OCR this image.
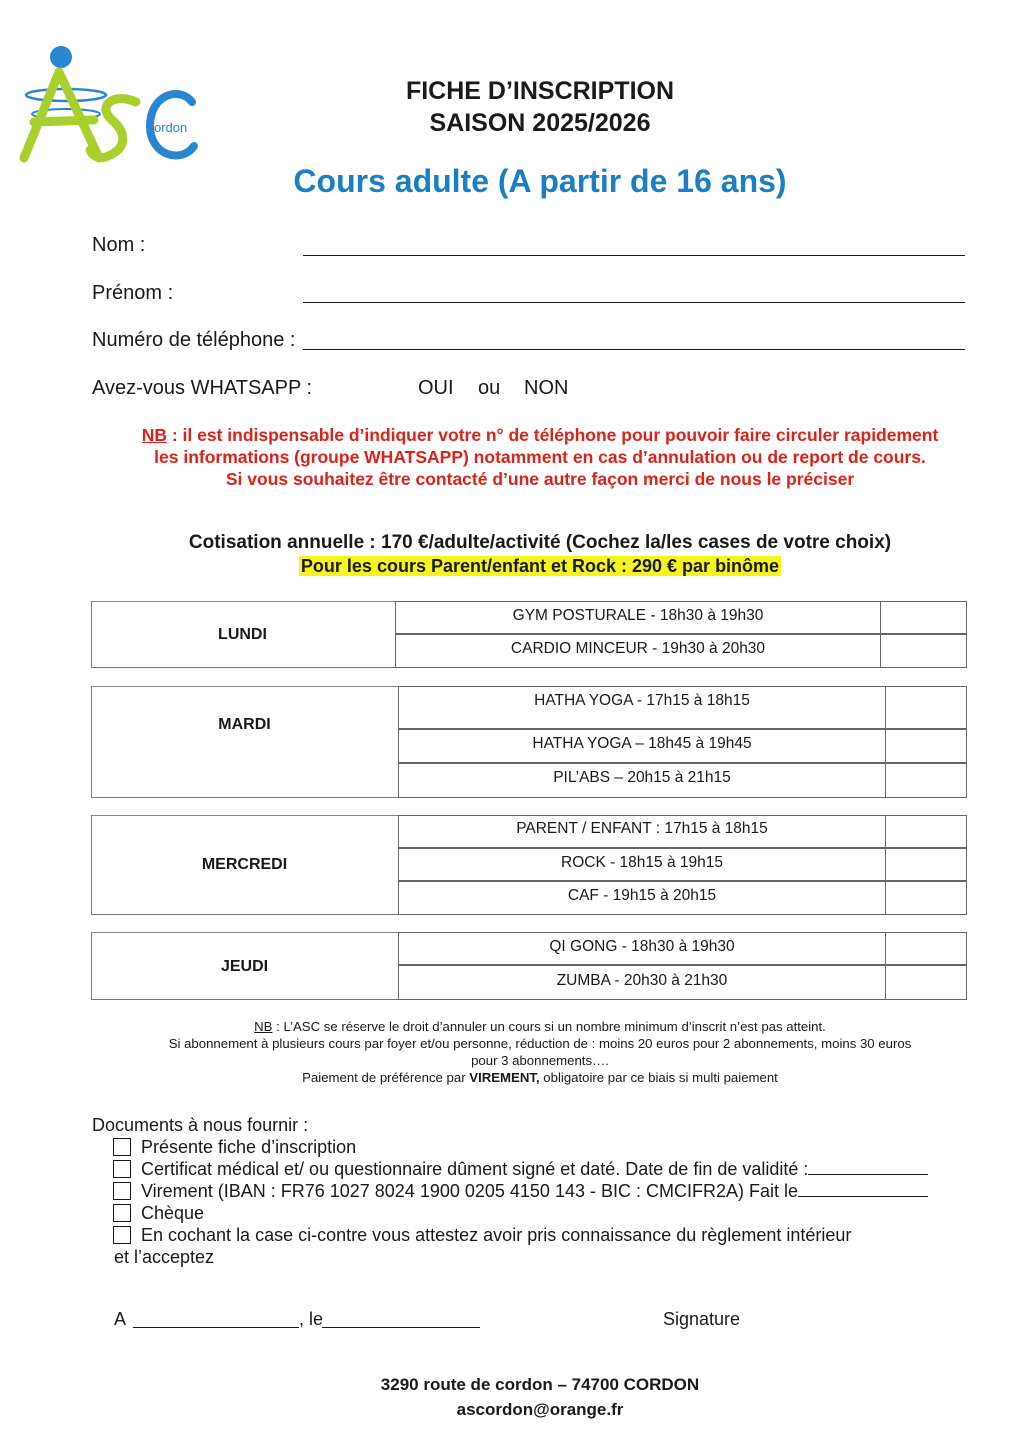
ordon
FICHE D’INSCRIPTION
SAISON 2025/2026
Cours adulte (A partir de 16 ans)
Nom :
Prénom :
Numéro de téléphone :
Avez-vous WHATSAPP :	OUI ou NON
NB : il est indispensable d’indiquer votre n° de téléphone pour pouvoir faire circuler rapidement
les informations (groupe WHATSAPP) notamment en cas d’annulation ou de report de cours.
Si vous souhaitez être contacté d’une autre façon merci de nous le préciser
Cotisation annuelle : 170 €/adulte/activité (Cochez la/les cases de votre choix)
Pour les cours Parent/enfant et Rock : 290 € par binôme
LUNDI
GYM POSTURALE - 18h30 à 19h30
CARDIO MINCEUR - 19h30 à 20h30
MARDI
HATHA YOGA - 17h15 à 18h15
HATHA YOGA – 18h45 à 19h45
PIL’ABS – 20h15 à 21h15
MERCREDI
PARENT / ENFANT : 17h15 à 18h15
ROCK - 18h15 à 19h15
CAF - 19h15 à 20h15
JEUDI
QI GONG - 18h30 à 19h30
ZUMBA - 20h30 à 21h30
NB : L’ASC se réserve le droit d’annuler un cours si un nombre minimum d’inscrit n’est pas atteint.
Si abonnement à plusieurs cours par foyer et/ou personne, réduction de : moins 20 euros pour 2 abonnements, moins 30 euros
pour 3 abonnements….
Paiement de préférence par VIREMENT, obligatoire par ce biais si multi paiement
Documents à nous fournir :
Présente fiche d’inscription
Certificat médical et/ ou questionnaire dûment signé et daté. Date de fin de validité :
Virement (IBAN : FR76 1027 8024 1900 0205 4150 143 - BIC : CMCIFR2A) Fait le
Chèque
En cochant la case ci-contre vous attestez avoir pris connaissance du règlement intérieur
et l’acceptez
A	, le	Signature
3290 route de cordon – 74700 CORDON
ascordon@orange.fr
